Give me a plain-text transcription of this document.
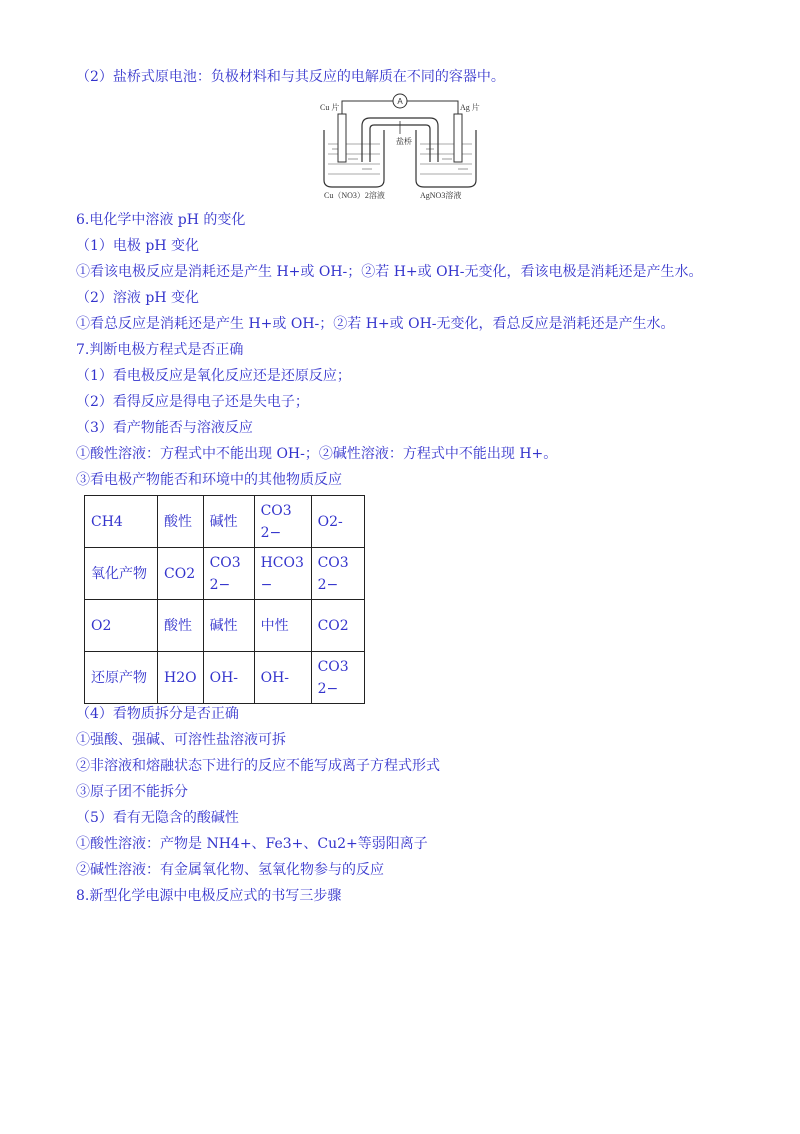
（2）盐桥式原电池：负极材料和与其反应的电解质在不同的容器中。
A
Cu 片	Ag 片
盐桥
Cu（NO3）2溶液	AgNO3溶液
6.电化学中溶液 pH 的变化
（1）电极 pH 变化
①看该电极反应是消耗还是产生 H+或 OH-；②若 H+或 OH-无变化，看该电极是消耗还是产生水。
（2）溶液 pH 变化
①看总反应是消耗还是产生 H+或 OH-；②若 H+或 OH-无变化，看总反应是消耗还是产生水。
7.判断电极方程式是否正确
（1）看电极反应是氧化反应还是还原反应；
（2）看得反应是得电子还是失电子；
（3）看产物能否与溶液反应
①酸性溶液：方程式中不能出现 OH-；②碱性溶液：方程式中不能出现 H+。
③看电极产物能否和环境中的其他物质反应
CH4	酸性	碱性	CO3 2−	O2-
氧化产物	CO2	CO3 2−	HCO3 −	CO3 2−
O2	酸性	碱性	中性	CO2
还原产物	H2O	OH-	OH-	CO3 2−
（4）看物质拆分是否正确
①强酸、强碱、可溶性盐溶液可拆
②非溶液和熔融状态下进行的反应不能写成离子方程式形式
③原子团不能拆分
（5）看有无隐含的酸碱性
①酸性溶液：产物是 NH4+、Fe3+、Cu2+等弱阳离子
②碱性溶液：有金属氧化物、氢氧化物参与的反应
8.新型化学电源中电极反应式的书写三步骤
